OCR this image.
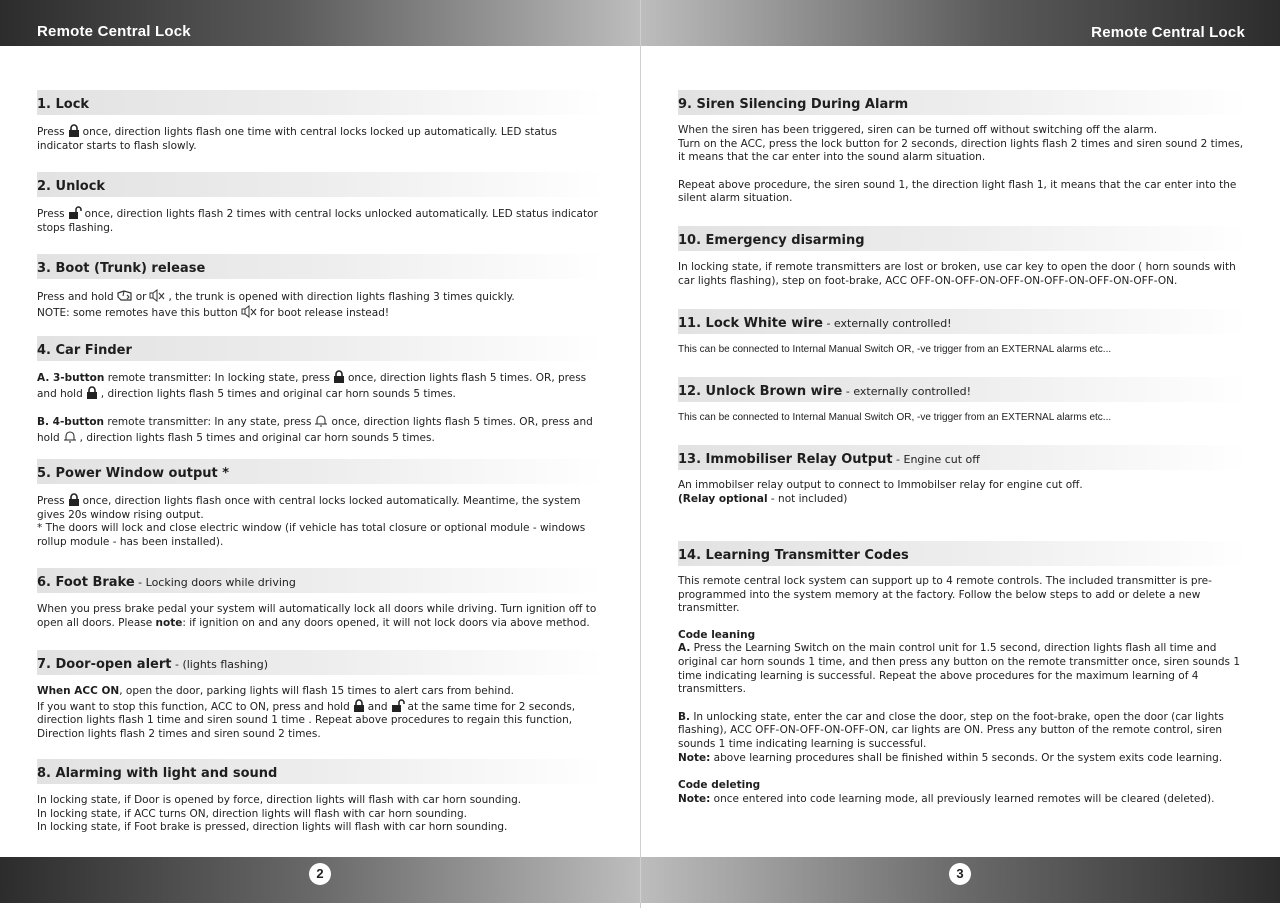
Remote Central Lock
1. Lock

Press once, direction lights flash one time with central locks locked up automatically. LED status indicator starts to flash slowly.

2. Unlock

Press once, direction lights flash 2 times with central locks unlocked automatically. LED status indicator stops flashing.

3. Boot (Trunk) release

Press and hold or , the trunk is opened with direction lights flashing 3 times quickly.
NOTE: some remotes have this button for boot release instead!

4. Car Finder

A. 3-button remote transmitter: In locking state, press once, direction lights flash 5 times. OR, press and hold , direction lights flash 5 times and original car horn sounds 5 times.

B. 4-button remote transmitter: In any state, press once, direction lights flash 5 times. OR, press and hold , direction lights flash 5 times and original car horn sounds 5 times.

5. Power Window output *

Press once, direction lights flash once with central locks locked automatically. Meantime, the system gives 20s window rising output.
* The doors will lock and close electric window (if vehicle has total closure or optional module - windows rollup module - has been installed).

6. Foot Brake - Locking doors while driving

When you press brake pedal your system will automatically lock all doors while driving. Turn ignition off to open all doors. Please note: if ignition on and any doors opened, it will not lock doors via above method.

7. Door-open alert - (lights flashing)

When ACC ON, open the door, parking lights will flash 15 times to alert cars from behind.
If you want to stop this function, ACC to ON, press and hold and at the same time for 2 seconds, direction lights flash 1 time and siren sound 1 time . Repeat above procedures to regain this function, Direction lights flash 2 times and siren sound 2 times.

8. Alarming with light and sound

In locking state, if Door is opened by force, direction lights will flash with car horn sounding.
In locking state, if ACC turns ON, direction lights will flash with car horn sounding.
In locking state, if Foot brake is pressed, direction lights will flash with car horn sounding.

2
Remote Central Lock
9. Siren Silencing During Alarm

When the siren has been triggered, siren can be turned off without switching off the alarm.
Turn on the ACC, press the lock button for 2 seconds, direction lights flash 2 times and siren sound 2 times, it means that the car enter into the sound alarm situation.

Repeat above procedure, the siren sound 1, the direction light flash 1, it means that the car enter into the silent alarm situation.

10. Emergency disarming

In locking state, if remote transmitters are lost or broken, use car key to open the door ( horn sounds with car lights flashing), step on foot-brake, ACC OFF-ON-OFF-ON-OFF-ON-OFF-ON-OFF-ON-OFF-ON.

11. Lock White wire - externally controlled!

This can be connected to Internal Manual Switch OR, -ve trigger from an EXTERNAL alarms etc...

12. Unlock Brown wire - externally controlled!

This can be connected to Internal Manual Switch OR, -ve trigger from an EXTERNAL alarms etc...

13. Immobiliser Relay Output - Engine cut off

An immobilser relay output to connect to Immobilser relay for engine cut off.
(Relay optional - not included)

14. Learning Transmitter Codes

This remote central lock system can support up to 4 remote controls. The included transmitter is pre-programmed into the system memory at the factory. Follow the below steps to add or delete a new transmitter.

Code leaning
A. Press the Learning Switch on the main control unit for 1.5 second, direction lights flash all time and original car horn sounds 1 time, and then press any button on the remote transmitter once, siren sounds 1 time indicating learning is successful. Repeat the above procedures for the maximum learning of 4 transmitters.

B. In unlocking state, enter the car and close the door, step on the foot-brake, open the door (car lights flashing), ACC OFF-ON-OFF-ON-OFF-ON, car lights are ON. Press any button of the remote control, siren sounds 1 time indicating learning is successful.
Note: above learning procedures shall be finished within 5 seconds. Or the system exits code learning.

Code deleting
Note: once entered into code learning mode, all previously learned remotes will be cleared (deleted).

3
